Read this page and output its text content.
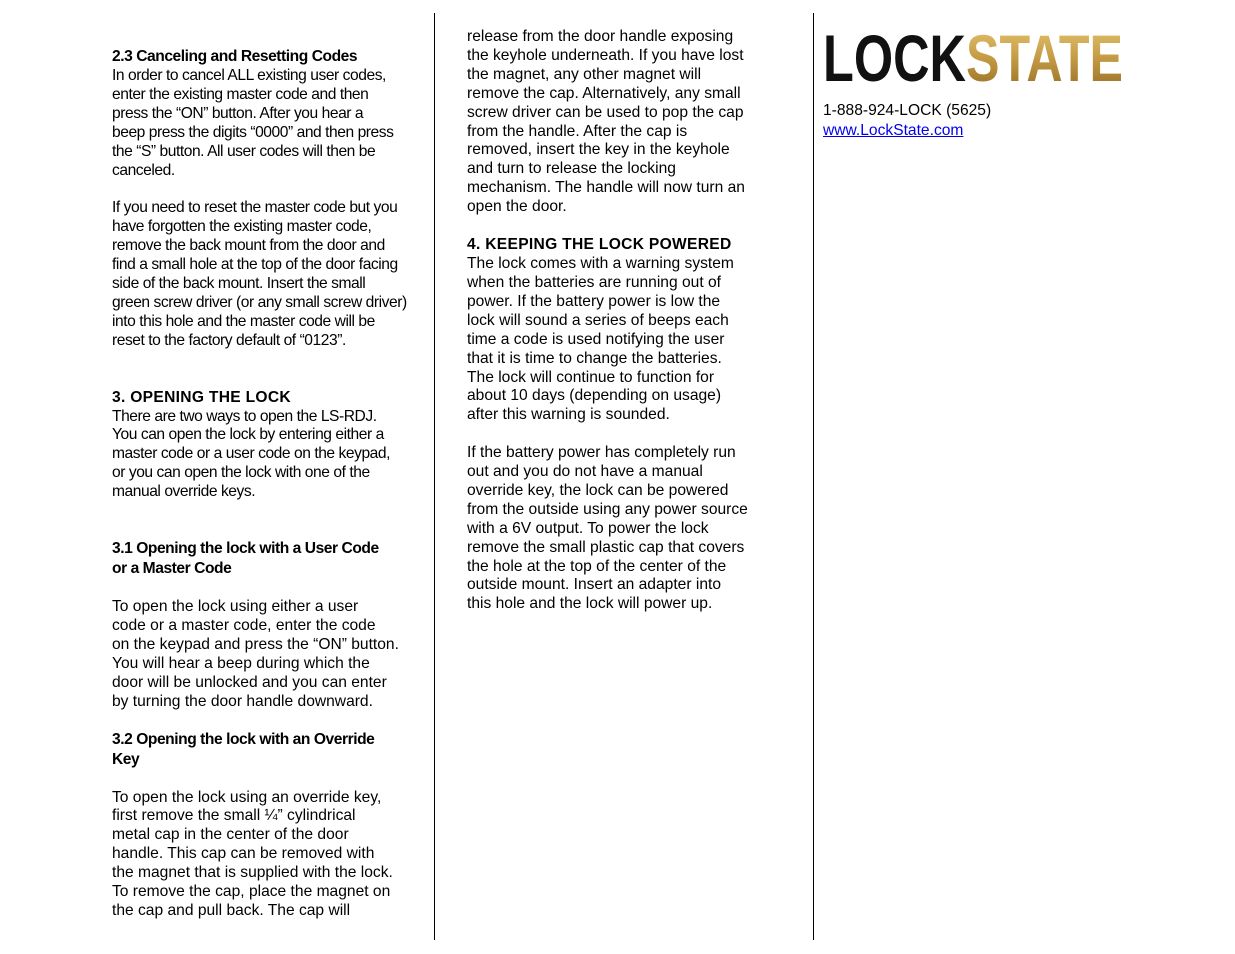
2.3 Canceling and Resetting Codes

In order to cancel ALL existing user codes,
enter the existing master code and then
press the “ON” button. After you hear a
beep press the digits “0000” and then press
the “S” button. All user codes will then be
canceled.

If you need to reset the master code but you
have forgotten the existing master code,
remove the back mount from the door and
find a small hole at the top of the door facing
side of the back mount. Insert the small
green screw driver (or any small screw driver)
into this hole and the master code will be
reset to the factory default of “0123”.

3. OPENING THE LOCK

There are two ways to open the LS-RDJ.
You can open the lock by entering either a
master code or a user code on the keypad,
or you can open the lock with one of the
manual override keys.

3.1 Opening the lock with a User Code
or a Master Code

To open the lock using either a user
code or a master code, enter the code
on the keypad and press the “ON” button.
You will hear a beep during which the
door will be unlocked and you can enter
by turning the door handle downward.

3.2 Opening the lock with an Override
Key

To open the lock using an override key,
first remove the small ¼” cylindrical
metal cap in the center of the door
handle. This cap can be removed with
the magnet that is supplied with the lock.
To remove the cap, place the magnet on
the cap and pull back. The cap will

release from the door handle exposing
the keyhole underneath. If you have lost
the magnet, any other magnet will
remove the cap. Alternatively, any small
screw driver can be used to pop the cap
from the handle. After the cap is
removed, insert the key in the keyhole
and turn to release the locking
mechanism. The handle will now turn an
open the door.

4. KEEPING THE LOCK POWERED

The lock comes with a warning system
when the batteries are running out of
power. If the battery power is low the
lock will sound a series of beeps each
time a code is used notifying the user
that it is time to change the batteries.
The lock will continue to function for
about 10 days (depending on usage)
after this warning is sounded.

If the battery power has completely run
out and you do not have a manual
override key, the lock can be powered
from the outside using any power source
with a 6V output. To power the lock
remove the small plastic cap that covers
the hole at the top of the center of the
outside mount. Insert an adapter into
this hole and the lock will power up.

LOCK STATE
1-888-924-LOCK (5625)
www.LockState.com
